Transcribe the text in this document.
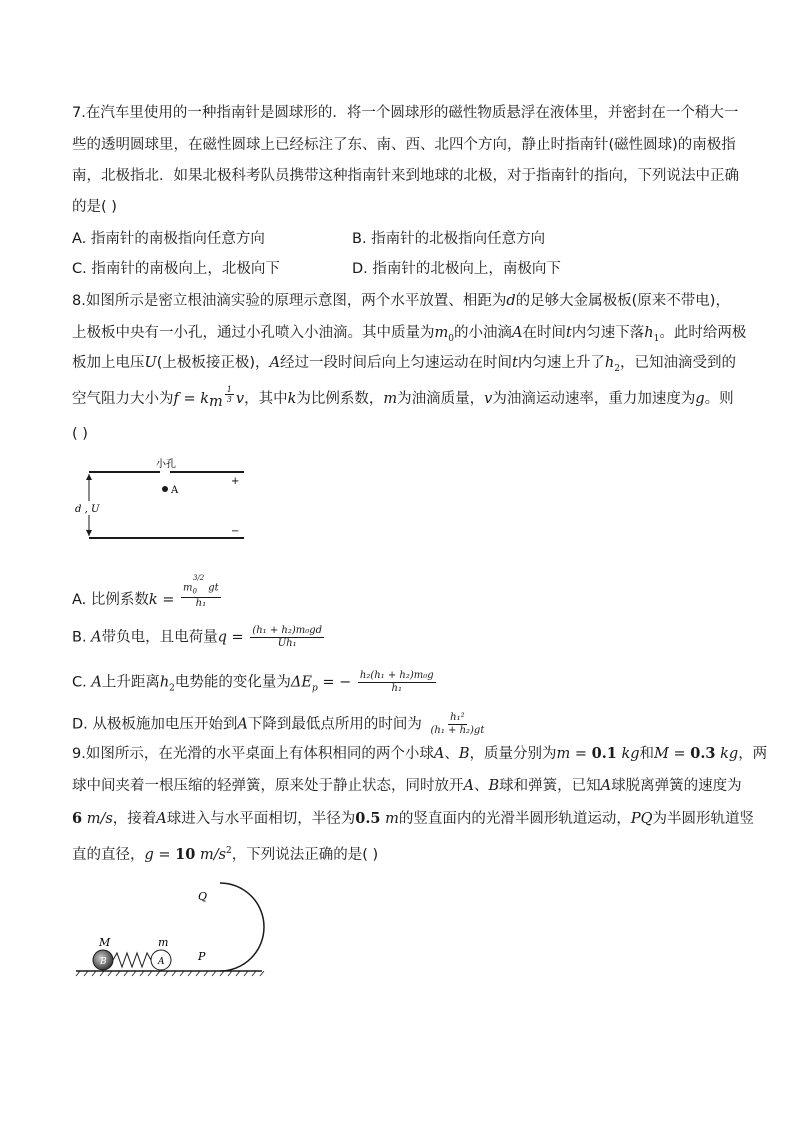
7.在汽车里使用的一种指南针是圆球形的．将一个圆球形的磁性物质悬浮在液体里，并密封在一个稍大一
些的透明圆球里，在磁性圆球上已经标注了东、南、西、北四个方向，静止时指南针(磁性圆球)的南极指
南，北极指北．如果北极科考队员携带这种指南针来到地球的北极，对于指南针的指向，下列说法中正确
的是( )
A. 指南针的南极指向任意方向	B. 指南针的北极指向任意方向
C. 指南针的南极向上，北极向下	D. 指南针的北极向上，南极向下
8.如图所示是密立根油滴实验的原理示意图，两个水平放置、相距为d的足够大金属极板(原来不带电)，
上极板中央有一小孔，通过小孔喷入小油滴。其中质量为$m_0$的小油滴A在时间t内匀速下落$h_1$。此时给两极
板加上电压U(上极板接正极)，A经过一段时间后向上匀速运动在时间t内匀速上升了$h_2$，已知油滴受到的
空气阻力大小为f = km $\frac{1}{3}$ v，其中k为比例系数，m为油滴质量，v为油滴运动速率，重力加速度为g。则
( )
小孔
A
+
−
d , U
A. 比例系数$k = \frac{m_0^{3/2}gt}{\text{h₁}}$
B. A带负电，且电荷量$q = \frac{\text{(h₁ + h₂)m₀gd}}{\text{Uh₁}}$
C. A上升距离$h_2$电势能的变化量为$\Delta E_p$ = − $\frac{\text{h₂(h₁ + h₂)m₀g}}{\text{h₁}}$
D. 从极板施加电压开始到A下降到最低点所用的时间为 $\frac{\text{h₁²}}{\text{(h₁ + h₂)gt}}$
9.如图所示，在光滑的水平桌面上有体积相同的两个小球A、B，质量分别为m = 0.1 kg和M = 0.3 kg，两
球中间夹着一根压缩的轻弹簧，原来处于静止状态，同时放开A、B球和弹簧，已知A球脱离弹簧的速度为
6 m/s，接着A球进入与水平面相切，半径为0.5 m的竖直面内的光滑半圆形轨道运动，PQ为半圆形轨道竖
直的直径，g = 10 $m/s^2$，下列说法正确的是( )
B	A
M	m
Q
P
